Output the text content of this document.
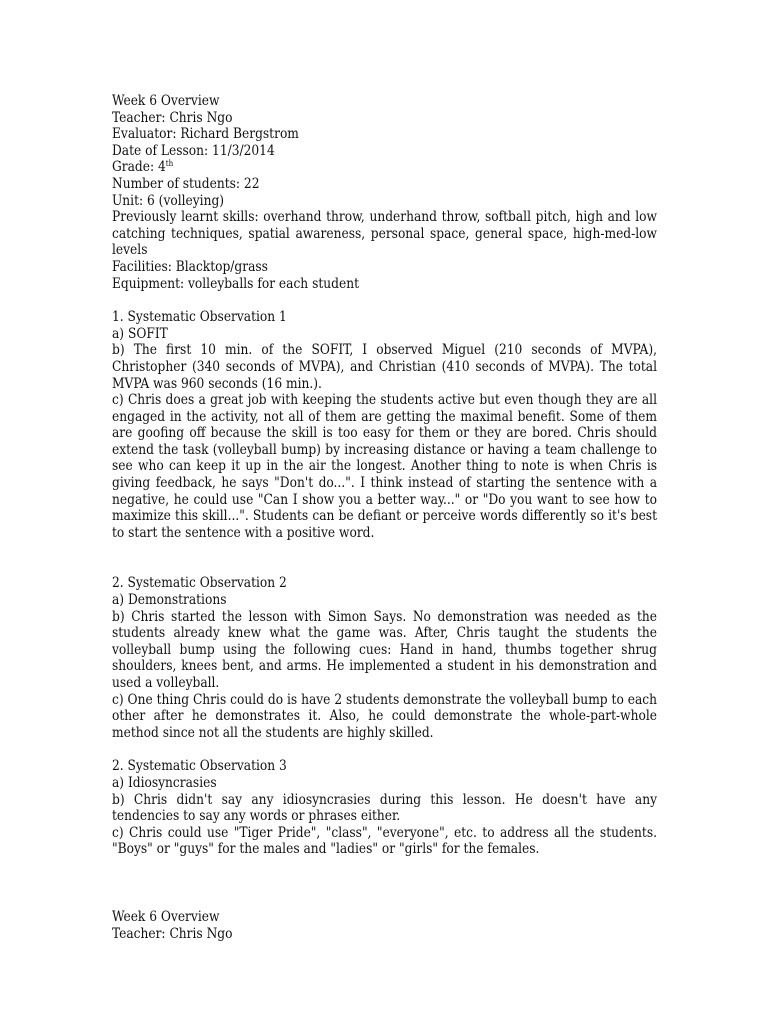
Week 6 Overview
Teacher: Chris Ngo
Evaluator: Richard Bergstrom
Date of Lesson: 11/3/2014
Grade: 4th
Number of students: 22
Unit: 6 (volleying)
Previously learnt skills: overhand throw, underhand throw, softball pitch, high and low catching techniques, spatial awareness, personal space, general space, high-med-low levels
Facilities: Blacktop/grass
Equipment: volleyballs for each student
1. Systematic Observation 1
a) SOFIT
b) The first 10 min. of the SOFIT, I observed Miguel (210 seconds of MVPA), Christopher (340 seconds of MVPA), and Christian (410 seconds of MVPA). The total MVPA was 960 seconds (16 min.).
c) Chris does a great job with keeping the students active but even though they are all engaged in the activity, not all of them are getting the maximal benefit. Some of them are goofing off because the skill is too easy for them or they are bored. Chris should extend the task (volleyball bump) by increasing distance or having a team challenge to see who can keep it up in the air the longest. Another thing to note is when Chris is giving feedback, he says "Don't do...". I think instead of starting the sentence with a negative, he could use "Can I show you a better way..." or "Do you want to see how to maximize this skill...". Students can be defiant or perceive words differently so it's best to start the sentence with a positive word.
2. Systematic Observation 2
a) Demonstrations
b) Chris started the lesson with Simon Says. No demonstration was needed as the students already knew what the game was. After, Chris taught the students the volleyball bump using the following cues: Hand in hand, thumbs together shrug shoulders, knees bent, and arms. He implemented a student in his demonstration and used a volleyball.
c) One thing Chris could do is have 2 students demonstrate the volleyball bump to each other after he demonstrates it. Also, he could demonstrate the whole-part-whole method since not all the students are highly skilled.
2. Systematic Observation 3
a) Idiosyncrasies
b) Chris didn't say any idiosyncrasies during this lesson. He doesn't have any tendencies to say any words or phrases either.
c) Chris could use "Tiger Pride", "class", "everyone", etc. to address all the students. "Boys" or "guys" for the males and "ladies" or "girls" for the females.
Week 6 Overview
Teacher: Chris Ngo
